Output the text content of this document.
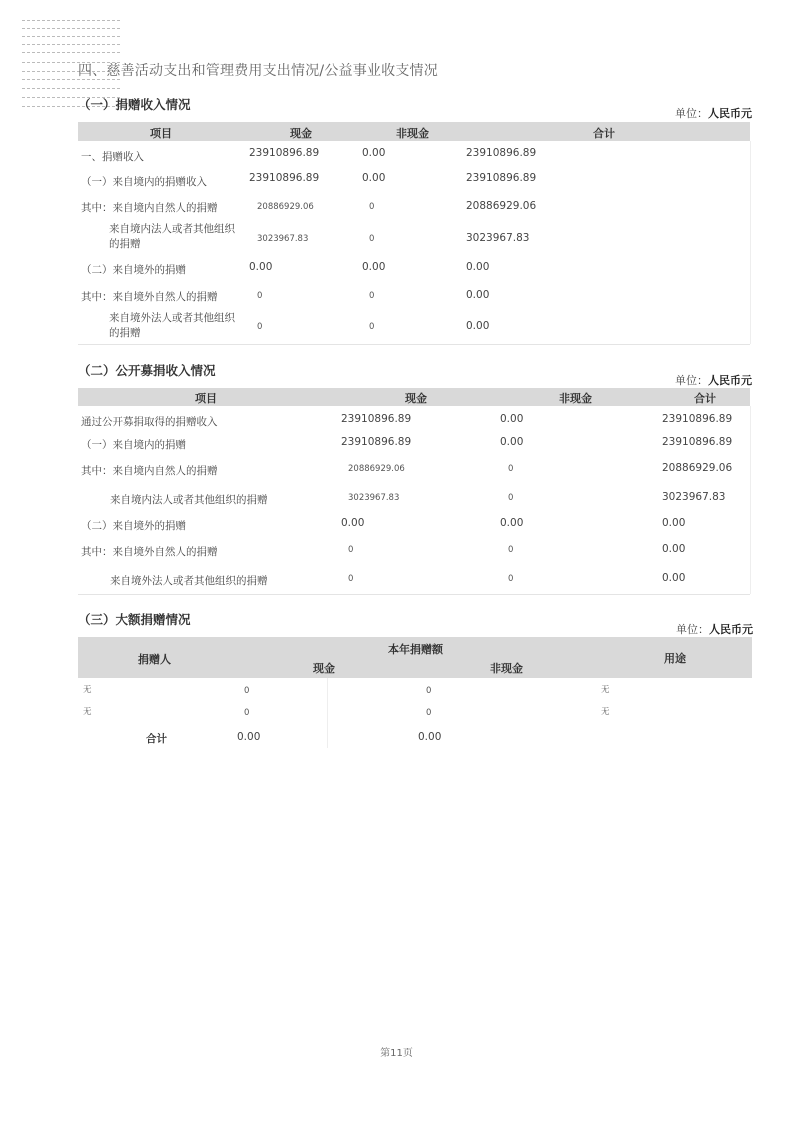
四、慈善活动支出和管理费用支出情况/公益事业收支情况
（一）捐赠收入情况
单位：人民币元
项目	现金	非现金	合计
一、捐赠收入	23910896.89	0.00	23910896.89
（一）来自境内的捐赠收入	23910896.89	0.00	23910896.89
其中：来自境内自然人的捐赠	20886929.06	0	20886929.06
来自境内法人或者其他组织的捐赠	3023967.83	0	3023967.83
（二）来自境外的捐赠	0.00	0.00	0.00
其中：来自境外自然人的捐赠	0	0	0.00
来自境外法人或者其他组织的捐赠	0	0	0.00
（二）公开募捐收入情况
单位：人民币元
项目	现金	非现金	合计
通过公开募捐取得的捐赠收入	23910896.89	0.00	23910896.89
（一）来自境内的捐赠	23910896.89	0.00	23910896.89
其中：来自境内自然人的捐赠	20886929.06	0	20886929.06
来自境内法人或者其他组织的捐赠	3023967.83	0	3023967.83
（二）来自境外的捐赠	0.00	0.00	0.00
其中：来自境外自然人的捐赠	0	0	0.00
来自境外法人或者其他组织的捐赠	0	0	0.00
（三）大额捐赠情况
单位：人民币元
捐赠人
本年捐赠额
现金	非现金
用途
无	0	0	无
无	0	0	无
合计	0.00	0.00
第11页
